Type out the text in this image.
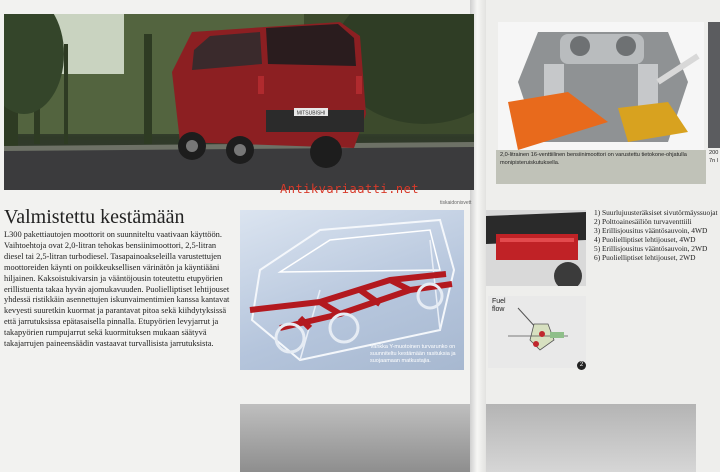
MITSUBISHI
Antikvariaatti.net
tiskaidonisvett
Valmistettu kestämään
L300 pakettiautojen moottorit on suunniteltu vaativaan käyttöön. Vaihtoehtoja ovat 2,0-litran tehokas bensiinimoottori, 2,5-litran diesel tai 2,5-litran turbodiesel. Tasapainoakseleilla varustettujen moottoreiden käynti on poikkeuksellisen värinätön ja käyntiääni hiljainen. Kaksoistukivarsin ja vääntöjousin toteutettu etupyörien erillistuenta takaa hyvän ajomukavuuden. Puolielliptiset lehtijouset yhdessä ristikkäin asennettujen iskunvaimentimien kanssa kantavat kevyesti suuretkin kuormat ja parantavat pitoa sekä kiihdytyksissä että jarrutuksissa epätasaisella pinnalla. Etupyörien levyjarrut ja takapyörien rumpujarrut sekä kuormituksen mukaan säätyvä takajarrujen paineensäädin vastaavat turvallisista jarrutuksista.	Vankka Y-muotoinen turvarunko on suunniteltu kestämään rasituksia ja suojaamaan matkustajia.
2,0-litrainen 16-venttiilinen bensiinimoottori on varustettu tietokone-ohjatulla monipisteruiskutuksella.
200
7n l
1) Suurlujuusteräksiset sivutörmäyssuojat
2) Polttoainesäiliön turvaventtiili
3) Erillisjousitus vääntösauvoin, 4WD
4) Puolielliptiset lehtijouset, 4WD
5) Erillisjousitus vääntösauvoin, 2WD
6) Puolielliptiset lehtijouset, 2WD
Fuel
flow
2
